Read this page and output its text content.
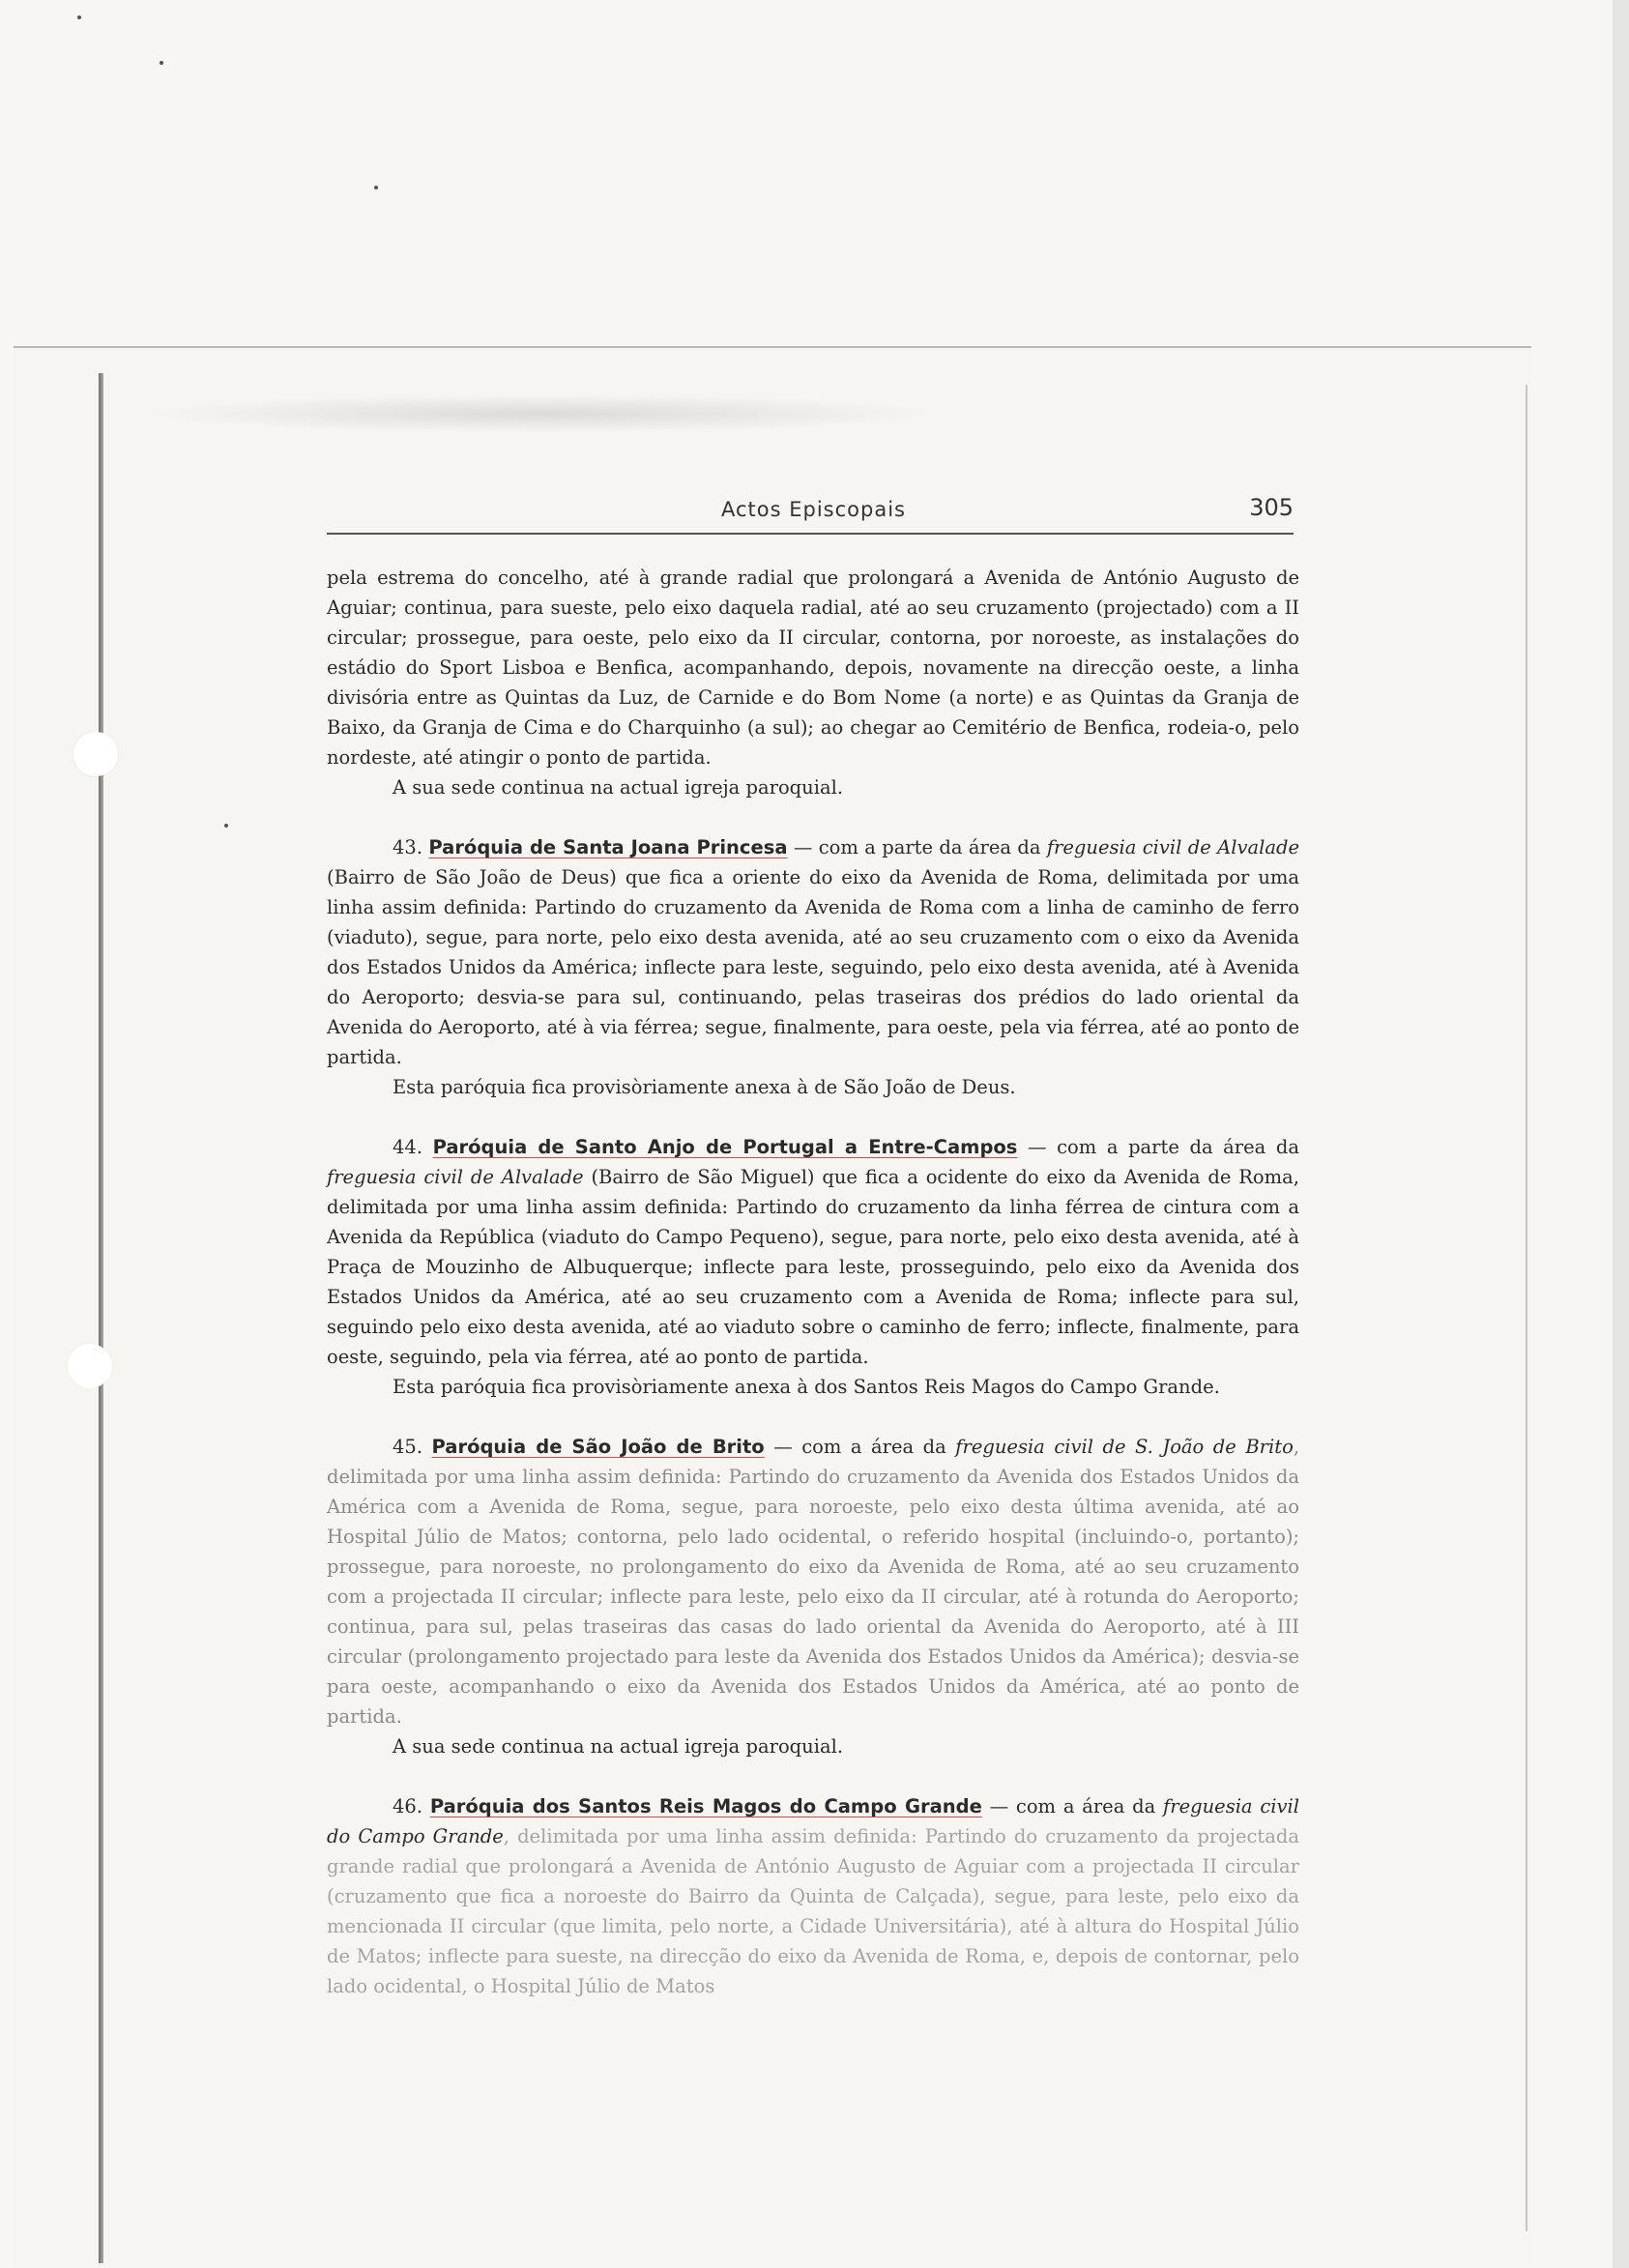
Actos Episcopais	305

pela estrema do concelho, até à grande radial que prolongará a Avenida de António Augusto de Aguiar; continua, para sueste, pelo eixo daquela radial, até ao seu cruzamento (projectado) com a II circular; prossegue, para oeste, pelo eixo da II circular, contorna, por noroeste, as instalações do estádio do Sport Lisboa e Benfica, acompanhando, depois, novamente na direcção oeste, a linha divisória entre as Quintas da Luz, de Carnide e do Bom Nome (a norte) e as Quintas da Granja de Baixo, da Granja de Cima e do Charquinho (a sul); ao chegar ao Cemitério de Benfica, rodeia-o, pelo nordeste, até atingir o ponto de partida.

A sua sede continua na actual igreja paroquial.

43. Paróquia de Santa Joana Princesa — com a parte da área da freguesia civil de Alvalade (Bairro de São João de Deus) que fica a oriente do eixo da Avenida de Roma, delimitada por uma linha assim definida: Partindo do cruzamento da Avenida de Roma com a linha de caminho de ferro (viaduto), segue, para norte, pelo eixo desta avenida, até ao seu cruzamento com o eixo da Avenida dos Estados Unidos da América; inflecte para leste, seguindo, pelo eixo desta avenida, até à Avenida do Aeroporto; desvia-se para sul, continuando, pelas traseiras dos prédios do lado oriental da Avenida do Aeroporto, até à via férrea; segue, finalmente, para oeste, pela via férrea, até ao ponto de partida.

Esta paróquia fica provisòriamente anexa à de São João de Deus.

44. Paróquia de Santo Anjo de Portugal a Entre-Campos — com a parte da área da freguesia civil de Alvalade (Bairro de São Miguel) que fica a ocidente do eixo da Avenida de Roma, delimitada por uma linha assim definida: Partindo do cruzamento da linha férrea de cintura com a Avenida da República (viaduto do Campo Pequeno), segue, para norte, pelo eixo desta avenida, até à Praça de Mouzinho de Albuquerque; inflecte para leste, prosseguindo, pelo eixo da Avenida dos Estados Unidos da América, até ao seu cruzamento com a Avenida de Roma; inflecte para sul, seguindo pelo eixo desta avenida, até ao viaduto sobre o caminho de ferro; inflecte, finalmente, para oeste, seguindo, pela via férrea, até ao ponto de partida.

Esta paróquia fica provisòriamente anexa à dos Santos Reis Magos do Campo Grande.

45. Paróquia de São João de Brito — com a área da freguesia civil de S. João de Brito, delimitada por uma linha assim definida: Partindo do cruzamento da Avenida dos Estados Unidos da América com a Avenida de Roma, segue, para noroeste, pelo eixo desta última avenida, até ao Hospital Júlio de Matos; contorna, pelo lado ocidental, o referido hospital (incluindo-o, portanto); prossegue, para noroeste, no prolongamento do eixo da Avenida de Roma, até ao seu cruzamento com a projectada II circular; inflecte para leste, pelo eixo da II circular, até à rotunda do Aeroporto; continua, para sul, pelas traseiras das casas do lado oriental da Avenida do Aeroporto, até à III circular (prolongamento projectado para leste da Avenida dos Estados Unidos da América); desvia-se para oeste, acompanhando o eixo da Avenida dos Estados Unidos da América, até ao ponto de partida.

A sua sede continua na actual igreja paroquial.

46. Paróquia dos Santos Reis Magos do Campo Grande — com a área da freguesia civil do Campo Grande, delimitada por uma linha assim definida: Partindo do cruzamento da projectada grande radial que prolongará a Avenida de António Augusto de Aguiar com a projectada II circular (cruzamento que fica a noroeste do Bairro da Quinta de Calçada), segue, para leste, pelo eixo da mencionada II circular (que limita, pelo norte, a Cidade Universitária), até à altura do Hospital Júlio de Matos; inflecte para sueste, na direcção do eixo da Avenida de Roma, e, depois de contornar, pelo lado ocidental, o Hospital Júlio de Matos
